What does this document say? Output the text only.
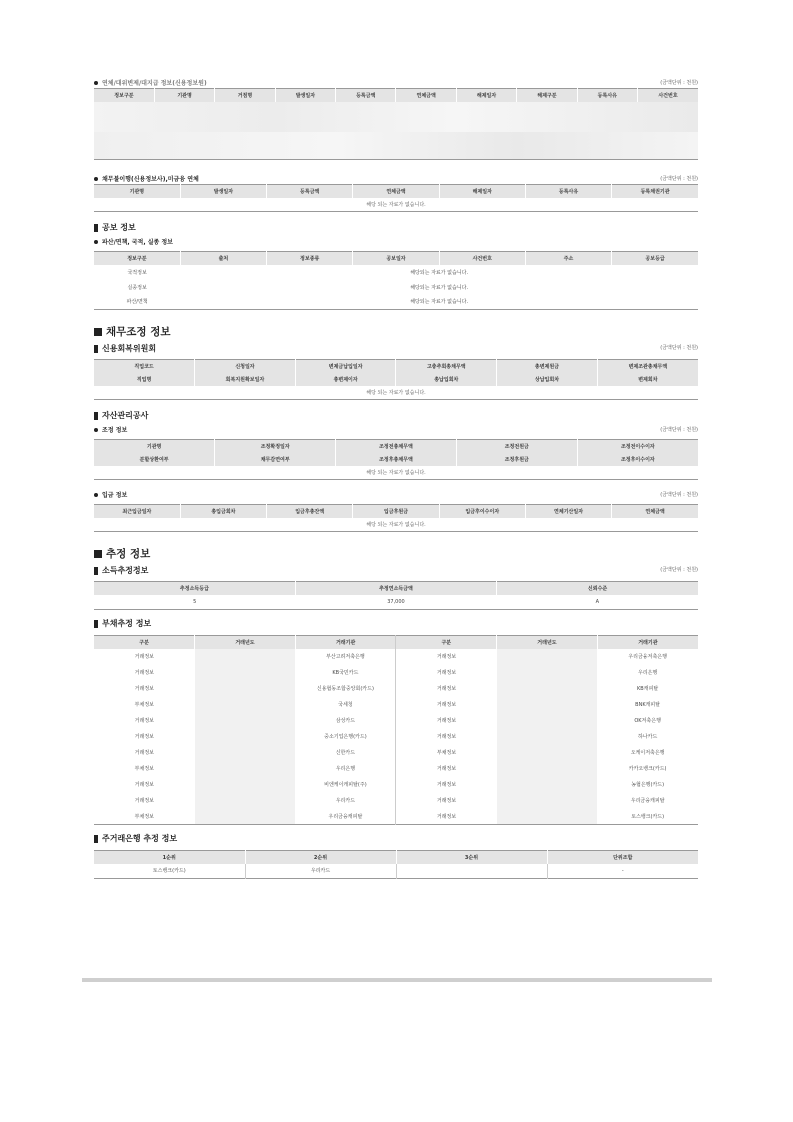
연체/대위변제/대지급 정보(신용정보원)	(금액단위 : 천원)
정보구분	기관명	거점명	발생일자	등록금액	연체금액	해제일자	해제구분	등록사유	사건번호

채무불이행(신용정보사),미금융 연체	(금액단위 : 천원)
기관명	발생일자	등록금액	연체금액	해제일자	등록사유	등록채권기관
해당 되는 자료가 없습니다.
공보 정보
파산/면책, 국적, 실종 정보
정보구분	출처	정보종류	공보일자	사건번호	주소	공보등급
국적정보	해당되는 자료가 없습니다.					
실종정보	해당되는 자료가 없습니다.					
파산/면책	해당되는 자료가 없습니다.					
채무조정 정보
신용회복위원회	(금액단위 : 천원)
직업코드	신청일자	변제금납입일자	고충추회총채무액	총변제원금	변제조관총채무액
직업명	회복지원확보일자	총변제이자	총납입회차	상납입회차	변제회차
해당 되는 자료가 없습니다.					
자산관리공사
조정 정보	(금액단위 : 천원)
기관명	조정확정일자	조정전총채무액	조정전원금	조정전이수이자
분할상환여부	채무감면여부	조정후총채무액	조정후원금	조정후이수이자
해당 되는 자료가 없습니다.				
입금 정보	(금액단위 : 천원)
최근입금일자	총입금회차	입금후총잔액	입금후원금	입금후이수이자	연체기산일자	연체금액
해당 되는 자료가 없습니다.
추정 정보
소득추정정보	(금액단위 : 천원)
추정소득등급	추정연소득금액	신뢰수준
5	37,000	A
부채추정 정보
구분	거래년도	거래기관	구분	거래년도	거래기관
거래정보		부산고려저축은행	거래정보		우리금융저축은행
거래정보		KB국민카드	거래정보		우리은행
거래정보		신용협동조합중앙회(카드)	거래정보		KB캐피탈
부채정보		국세청	거래정보		BNK캐피탈
거래정보		삼성카드	거래정보		OK저축은행
거래정보		중소기업은행(카드)	거래정보		하나카드
거래정보		신한카드	부채정보		오케이저축은행
부채정보		우리은행	거래정보		카카오뱅크(카드)
거래정보		비엔케이캐피탈(주)	거래정보		농협은행(카드)
거래정보		우리카드	거래정보		우리금융캐피탈
부채정보		우리금융캐피탈	거래정보		토스뱅크(카드)
주거래은행 추정 정보
1순위	2순위	3순위	단위조합
토스뱅크(카드)	우리카드		-
